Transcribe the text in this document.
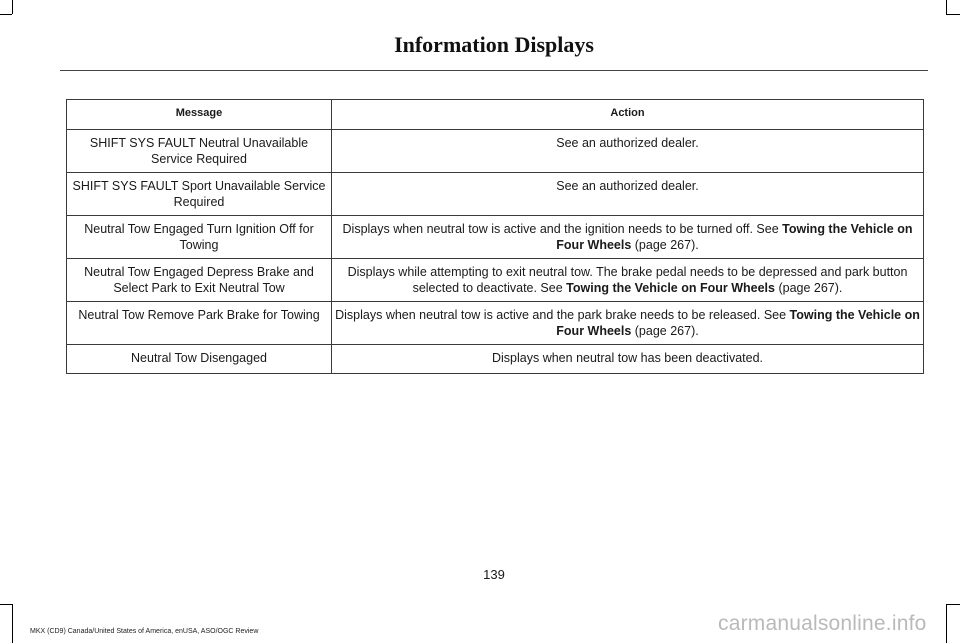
Information Displays
Message	Action
SHIFT SYS FAULT Neutral Unavailable Service Required	See an authorized dealer.
SHIFT SYS FAULT Sport Unavailable Service Required	See an authorized dealer.
Neutral Tow Engaged Turn Ignition Off for Towing	Displays when neutral tow is active and the ignition needs to be turned off. See Towing the Vehicle on Four Wheels (page 267).
Neutral Tow Engaged Depress Brake and Select Park to Exit Neutral Tow	Displays while attempting to exit neutral tow. The brake pedal needs to be depressed and park button selected to deactivate. See Towing the Vehicle on Four Wheels (page 267).
Neutral Tow Remove Park Brake for Towing	Displays when neutral tow is active and the park brake needs to be released. See Towing the Vehicle on Four Wheels (page 267).
Neutral Tow Disengaged	Displays when neutral tow has been deactivated.
139
MKX (CD9) Canada/United States of America, enUSA, ASO/OGC Review	carmanualsonline.info
